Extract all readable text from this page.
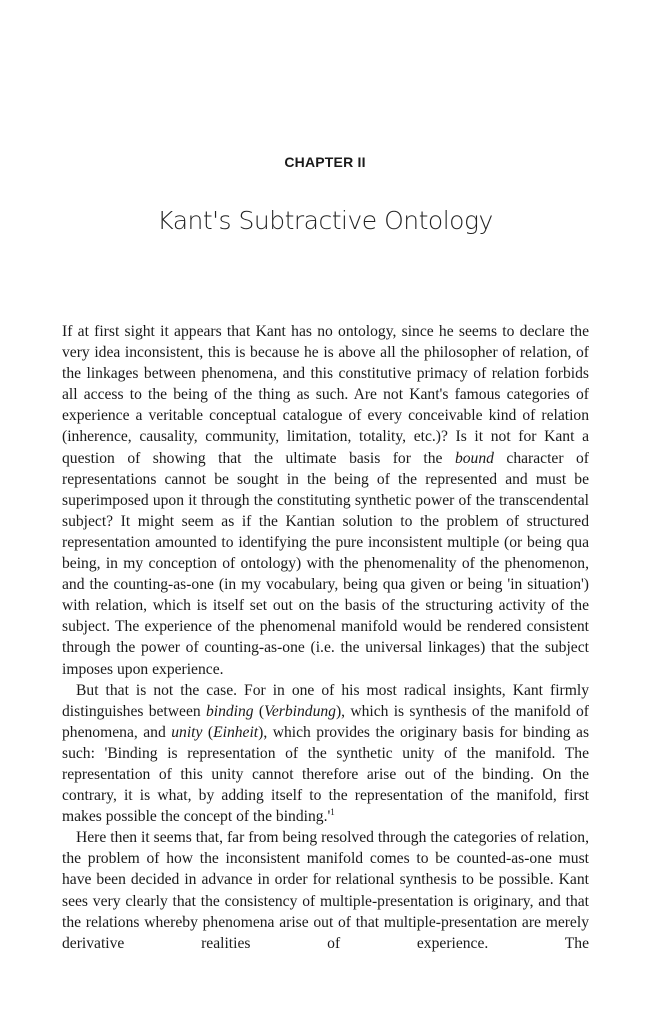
CHAPTER II
Kant's Subtractive Ontology

If at first sight it appears that Kant has no ontology, since he seems to declare the very idea inconsistent, this is because he is above all the philosopher of relation, of the linkages between phenomena, and this constitutive primacy of relation forbids all access to the being of the thing as such. Are not Kant's famous categories of experience a veritable conceptual catalogue of every conceivable kind of relation (inherence, causality, community, limitation, totality, etc.)? Is it not for Kant a question of showing that the ultimate basis for the bound character of representations cannot be sought in the being of the represented and must be superimposed upon it through the constituting synthetic power of the transcendental subject? It might seem as if the Kantian solution to the problem of structured representation amounted to identifying the pure inconsistent multiple (or being qua being, in my conception of ontology) with the phenomenality of the phenomenon, and the counting-as-one (in my vocabulary, being qua given or being 'in situation') with relation, which is itself set out on the basis of the structuring activity of the subject. The experience of the phenomenal manifold would be rendered consistent through the power of counting-as-one (i.e. the universal linkages) that the subject imposes upon experience.

But that is not the case. For in one of his most radical insights, Kant firmly distinguishes between binding (Verbindung), which is synthesis of the manifold of phenomena, and unity (Einheit), which provides the originary basis for binding as such: 'Binding is representation of the synthetic unity of the manifold. The representation of this unity cannot therefore arise out of the binding. On the contrary, it is what, by adding itself to the representation of the manifold, first makes possible the concept of the $binding.'^1$

Here then it seems that, far from being resolved through the categories of relation, the problem of how the inconsistent manifold comes to be counted-as-one must have been decided in advance in order for relational synthesis to be possible. Kant sees very clearly that the consistency of multiple-presentation is originary, and that the relations whereby phenomena arise out of that multiple-presentation are merely derivative realities of experience. The
